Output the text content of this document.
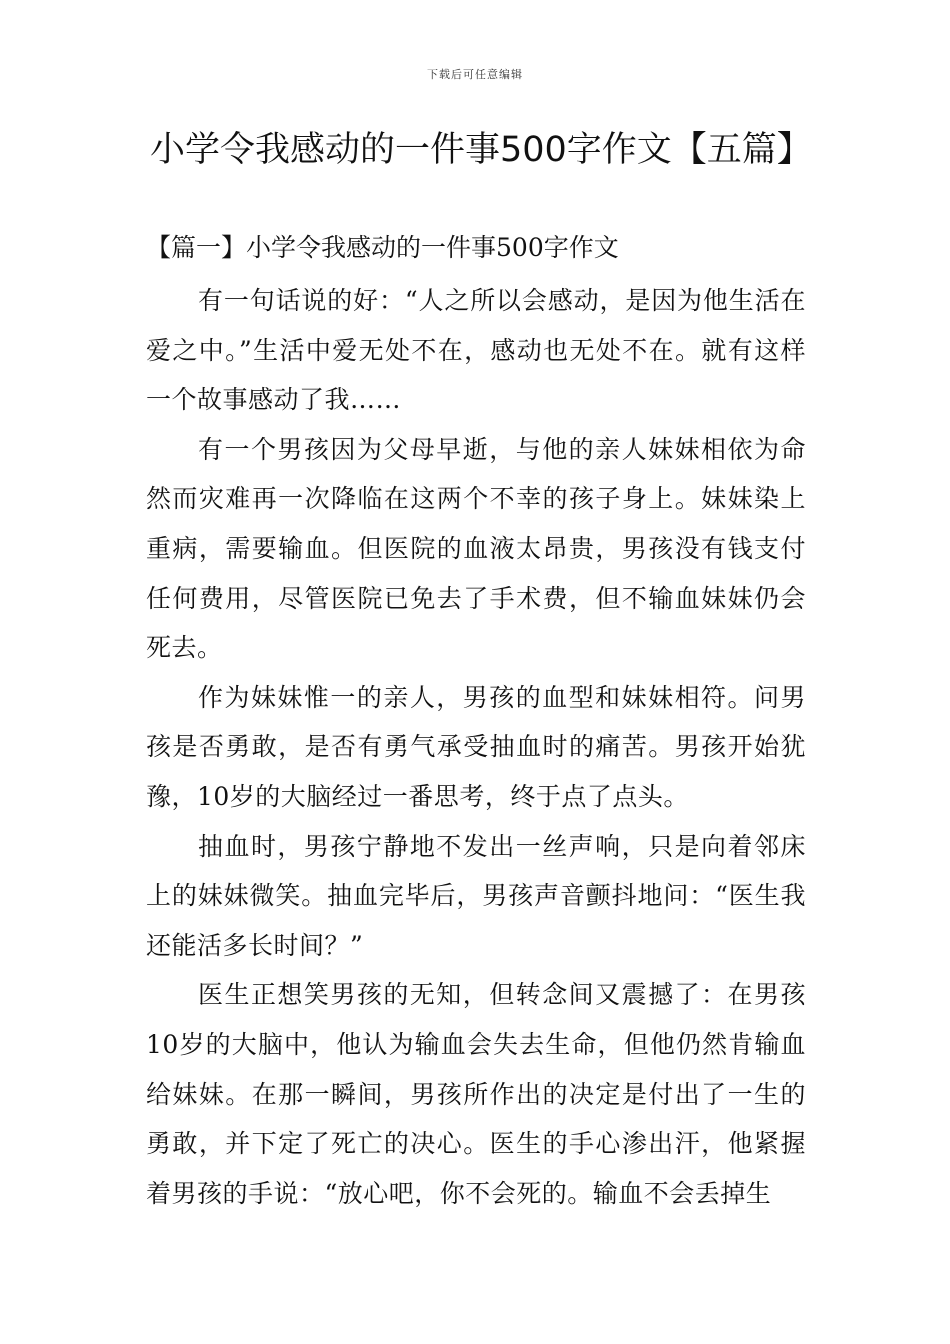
下载后可任意编辑
小学令我感动的一件事500字作文【五篇】
【篇一】小学令我感动的一件事500字作文

有一句话说的好：“人之所以会感动，是因为他生活在爱之中。”生活中爱无处不在，感动也无处不在。就有这样一个故事感动了我……

有一个男孩因为父母早逝，与他的亲人妹妹相依为命然而灾难再一次降临在这两个不幸的孩子身上。妹妹染上重病，需要输血。但医院的血液太昂贵，男孩没有钱支付任何费用，尽管医院已免去了手术费，但不输血妹妹仍会死去。

作为妹妹惟一的亲人，男孩的血型和妹妹相符。问男孩是否勇敢，是否有勇气承受抽血时的痛苦。男孩开始犹豫，10岁的大脑经过一番思考，终于点了点头。

抽血时，男孩宁静地不发出一丝声响，只是向着邻床上的妹妹微笑。抽血完毕后，男孩声音颤抖地问：“医生我还能活多长时间？”

医生正想笑男孩的无知，但转念间又震撼了：在男孩10岁的大脑中，他认为输血会失去生命，但他仍然肯输血给妹妹。在那一瞬间，男孩所作出的决定是付出了一生的勇敢，并下定了死亡的决心。医生的手心渗出汗，他紧握着男孩的手说：“放心吧，你不会死的。输血不会丢掉生
